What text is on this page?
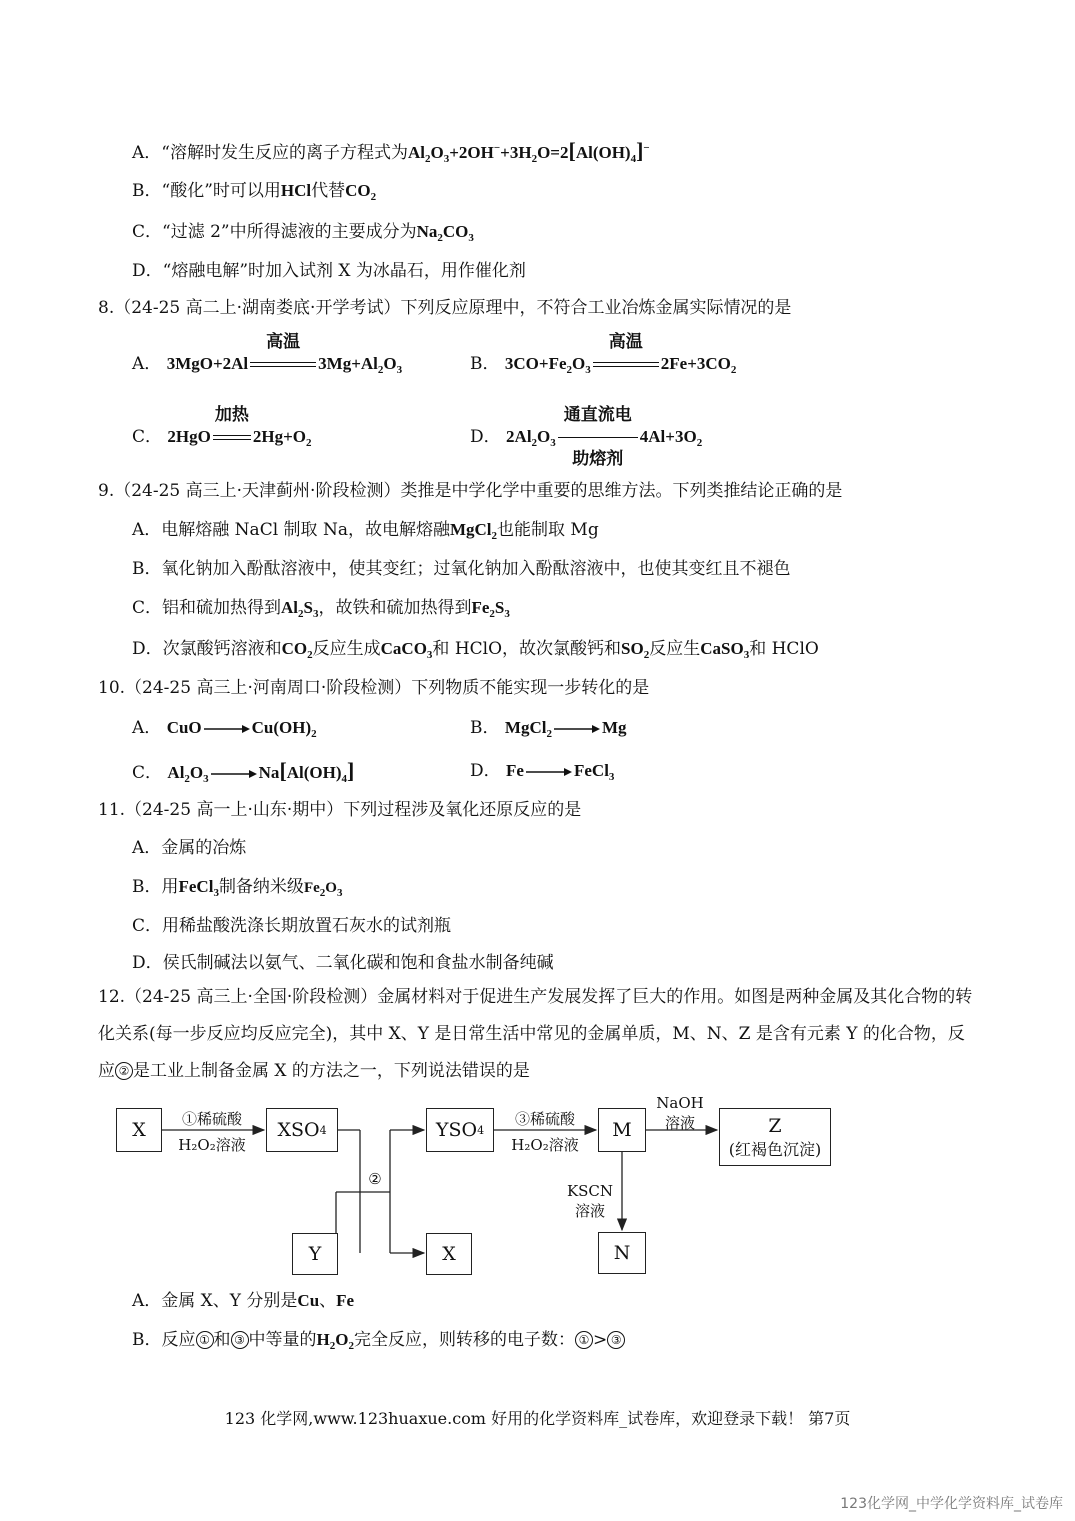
A．“溶解时发生反应的离子方程式为$Al_2O_3+2OH^-+3H_2O=2[Al(OH)_4]^-$
B．“酸化”时可以用HCl代替$CO_2$
C．“过滤 2”中所得滤液的主要成分为$Na_2CO_3$
D．“熔融电解”时加入试剂 X 为冰晶石，用作催化剂
8.（24-25 高二上·湖南娄底·开学考试）下列反应原理中，不符合工业冶炼金属实际情况的是
A． 3MgO+2Al
高温
$3Mg+Al_2O_3$	B． $3CO+Fe_2O_3$
高温
$2Fe+3CO_2$
C． 2HgO
加热
$2Hg+O_2$	D． $2Al_2O_3$
通直流电
助熔剂
$4Al+3O_2$
9.（24-25 高三上·天津蓟州·阶段检测）类推是中学化学中重要的思维方法。下列类推结论正确的是
A．电解熔融 NaCl 制取 Na，故电解熔融MgCl$_2$也能制取 Mg
B．氧化钠加入酚酞溶液中，使其变红；过氧化钠加入酚酞溶液中，也使其变红且不褪色
C．铝和硫加热得到$Al_2S_3$，故铁和硫加热得到$Fe_2S_3$
D．次氯酸钙溶液和$CO_2$反应生成CaCO$_3$和 HClO，故次氯酸钙和$SO_2$反应生CaSO$_3$和 HClO
10.（24-25 高三上·河南周口·阶段检测）下列物质不能实现一步转化的是
A． CuO	$Cu(OH)_2$	B． MgCl$_2$	Mg
C． $Al_2O_3$	$Na[Al(OH)_4]$	D． Fe	FeCl$_3$
11.（24-25 高一上·山东·期中）下列过程涉及氧化还原反应的是
A．金属的冶炼
B．用FeCl$_3$制备纳米级$Fe_2O_3$
C．用稀盐酸洗涤长期放置石灰水的试剂瓶
D．侯氏制碱法以氨气、二氧化碳和饱和食盐水制备纯碱
12.（24-25 高三上·全国·阶段检测）金属材料对于促进生产发展发挥了巨大的作用。如图是两种金属及其化合物的转化关系(每一步反应均反应完全)，其中 X、Y 是日常生活中常见的金属单质，M、N、Z 是含有元素 Y 的化合物，反应 ② 是工业上制备金属 X 的方法之一，下列说法错误的是
X	XSO 4	YSO 4	M	Z
(红褐色沉淀)
Y	X	N
①稀硫酸
H₂O₂溶液
②
③稀硫酸
H₂O₂溶液
NaOH
溶液
KSCN
溶液
A．金属 X、Y 分别是Cu、Fe
B．反应 ① 和 ③ 中等量的$H_2O_2$完全反应，则转移的电子数： ① > ③
123 化学网,www.123huaxue.com 好用的化学资料库_试卷库，欢迎登录下载！ 第7页
123化学网_中学化学资料库_试卷库
